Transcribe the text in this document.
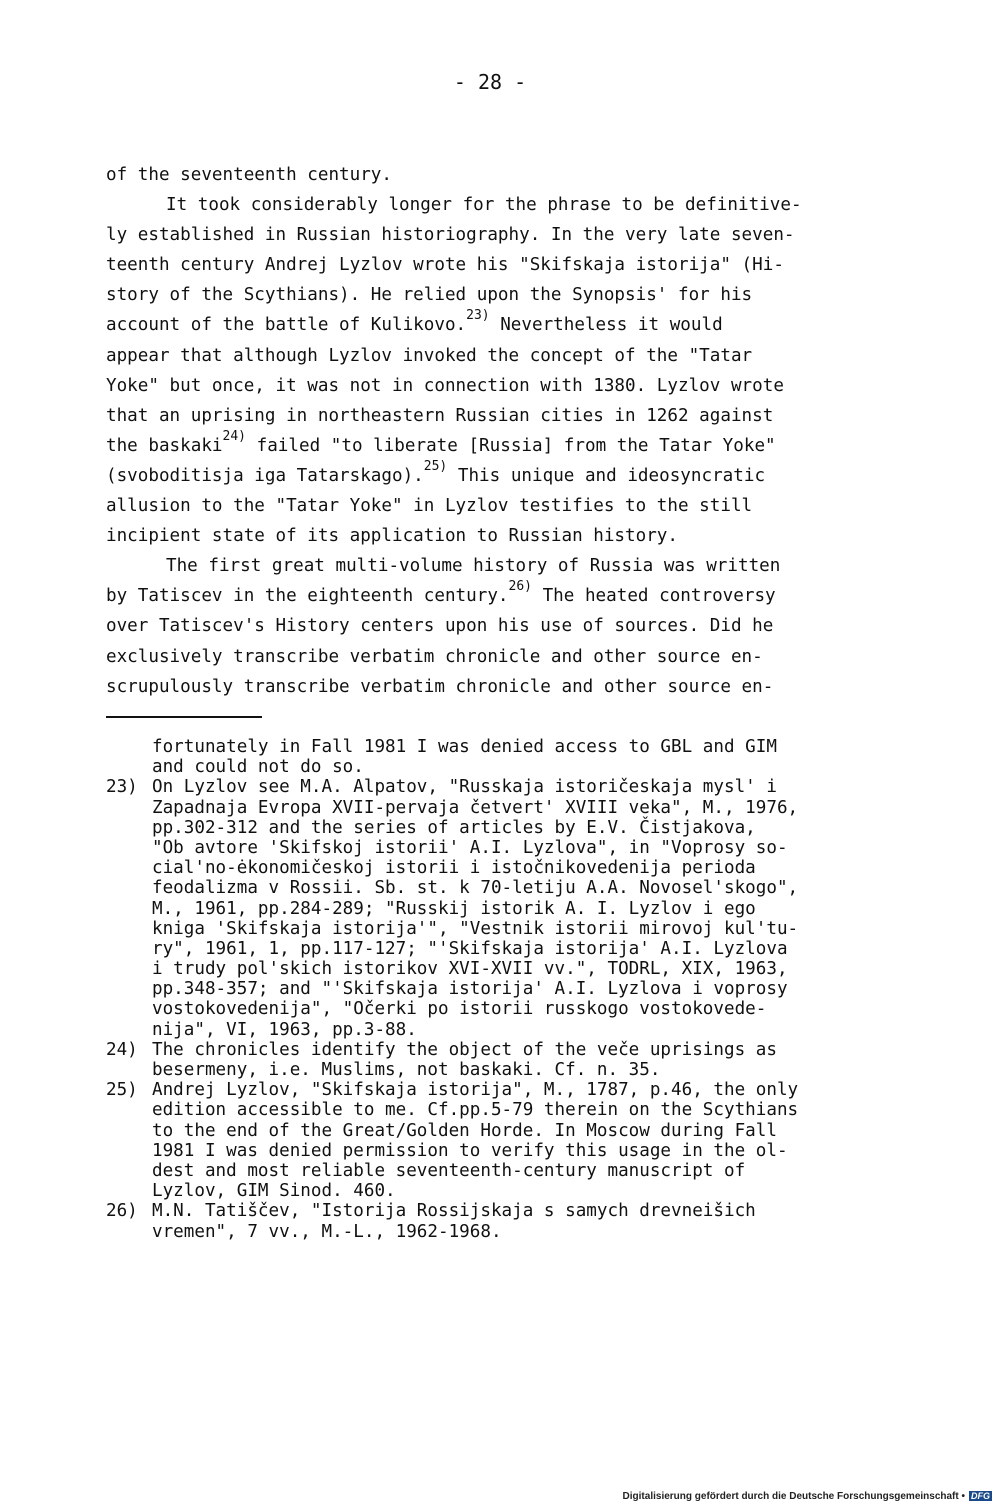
- 28 -
of the seventeenth century.
It took considerably longer for the phrase to be definitive-
ly established in Russian historiography. In the very late seven-
teenth century Andrej Lyzlov wrote his "Skifskaja istorija" (Hi-
story of the Scythians). He relied upon the Synopsis' for his
account of the battle of Kulikovo.$^{23)}$ Nevertheless it would
appear that although Lyzlov invoked the concept of the "Tatar
Yoke" but once, it was not in connection with 1380. Lyzlov wrote
that an uprising in northeastern Russian cities in 1262 against
the baskaki$^{24)}$ failed "to liberate [Russia] from the Tatar Yoke"
(svoboditisja iga Tatarskago).$^{25)}$ This unique and ideosyncratic
allusion to the "Tatar Yoke" in Lyzlov testifies to the still
incipient state of its application to Russian history.
The first great multi-volume history of Russia was written
by Tatiscev in the eighteenth century.$^{26)}$ The heated controversy
over Tatiscev's History centers upon his use of sources. Did he
exclusively transcribe verbatim chronicle and other source en-
scrupulously transcribe verbatim chronicle and other source en-
fortunately in Fall 1981 I was denied access to GBL and GIM
and could not do so.
23) On Lyzlov see M.A. Alpatov, "Russkaja istoričeskaja mysl' i
Zapadnaja Evropa XVII-pervaja četvert' XVIII veka", M., 1976,
pp.302-312 and the series of articles by E.V. Čistjakova,
"Ob avtore 'Skifskoj istorii' A.I. Lyzlova", in "Voprosy so-
cial'no-ėkonomičeskoj istorii i istočnikovedenija perioda
feodalizma v Rossii. Sb. st. k 70-letiju A.A. Novosel'skogo",
M., 1961, pp.284-289; "Russkij istorik A. I. Lyzlov i ego
kniga 'Skifskaja istorija'", "Vestnik istorii mirovoj kul'tu-
ry", 1961, 1, pp.117-127; "'Skifskaja istorija' A.I. Lyzlova
i trudy pol'skich istorikov XVI-XVII vv.", TODRL, XIX, 1963,
pp.348-357; and "'Skifskaja istorija' A.I. Lyzlova i voprosy
vostokovedenija", "Očerki po istorii russkogo vostokovede-
nija", VI, 1963, pp.3-88.
24) The chronicles identify the object of the veče uprisings as
besermeny, i.e. Muslims, not baskaki. Cf. n. 35.
25) Andrej Lyzlov, "Skifskaja istorija", M., 1787, p.46, the only
edition accessible to me. Cf.pp.5-79 therein on the Scythians
to the end of the Great/Golden Horde. In Moscow during Fall
1981 I was denied permission to verify this usage in the ol-
dest and most reliable seventeenth-century manuscript of
Lyzlov, GIM Sinod. 460.
26) M.N. Tatiščev, "Istorija Rossijskaja s samych drevneišich
vremen", 7 vv., M.-L., 1962-1968.
Digitalisierung gefördert durch die Deutsche Forschungsgemeinschaft • DFG
